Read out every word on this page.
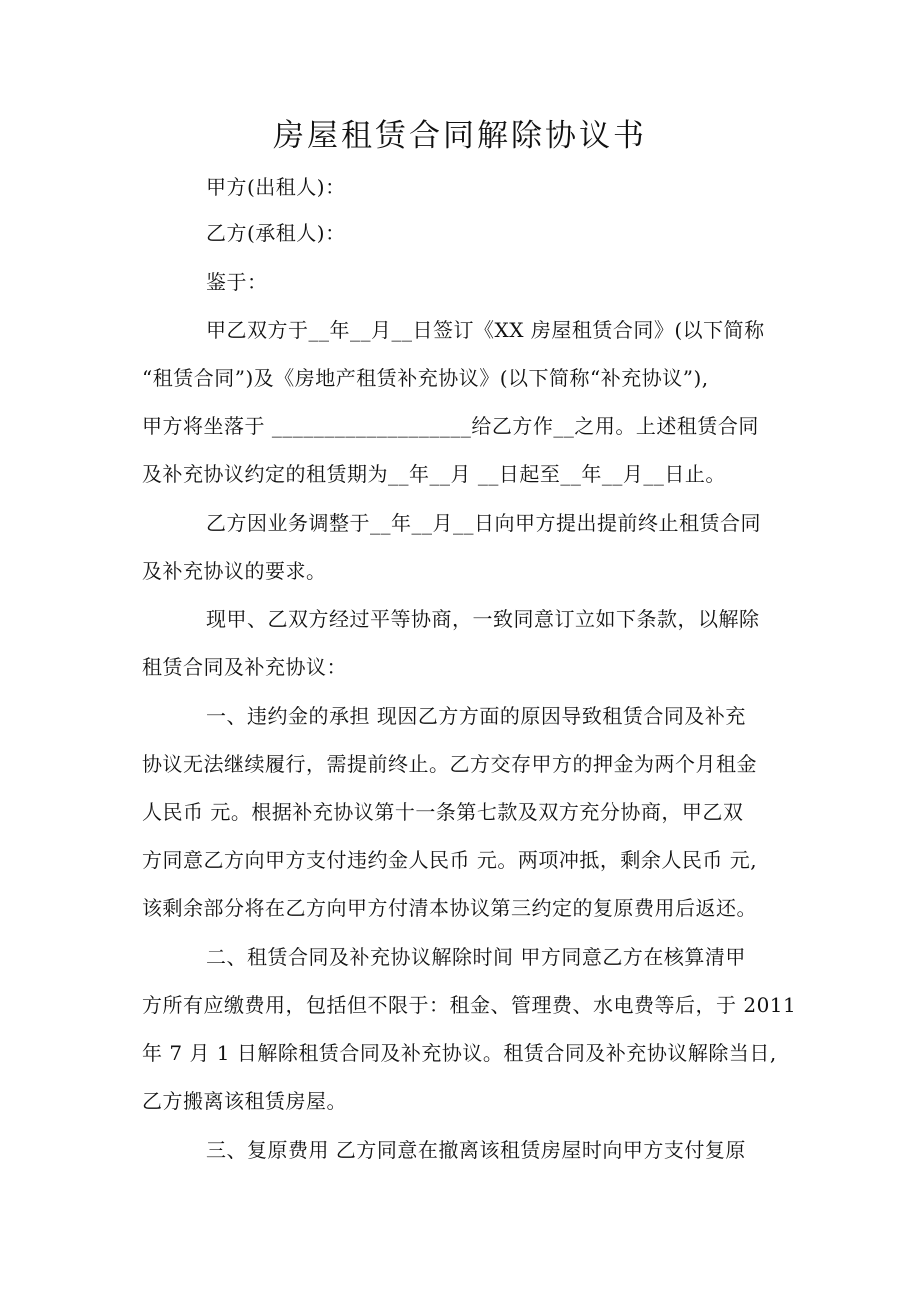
房屋租赁合同解除协议书

甲方(出租人)：

乙方(承租人)：

鉴于：

甲乙双方于__年__月__日签订《XX 房屋租赁合同》(以下简称

“租赁合同”)及《房地产租赁补充协议》(以下简称“补充协议”),

甲方将坐落于 ___________________给乙方作__之用。上述租赁合同

及补充协议约定的租赁期为__年__月 __日起至__年__月__日止。

乙方因业务调整于__年__月__日向甲方提出提前终止租赁合同

及补充协议的要求。

现甲、乙双方经过平等协商，一致同意订立如下条款，以解除

租赁合同及补充协议：

一、违约金的承担 现因乙方方面的原因导致租赁合同及补充

协议无法继续履行，需提前终止。乙方交存甲方的押金为两个月租金

人民币 元。根据补充协议第十一条第七款及双方充分协商，甲乙双

方同意乙方向甲方支付违约金人民币 元。两项冲抵，剩余人民币 元,

该剩余部分将在乙方向甲方付清本协议第三约定的复原费用后返还。

二、租赁合同及补充协议解除时间 甲方同意乙方在核算清甲

方所有应缴费用，包括但不限于：租金、管理费、水电费等后，于 2011

年 7 月 1 日解除租赁合同及补充协议。租赁合同及补充协议解除当日,

乙方搬离该租赁房屋。

三、复原费用 乙方同意在撤离该租赁房屋时向甲方支付复原
